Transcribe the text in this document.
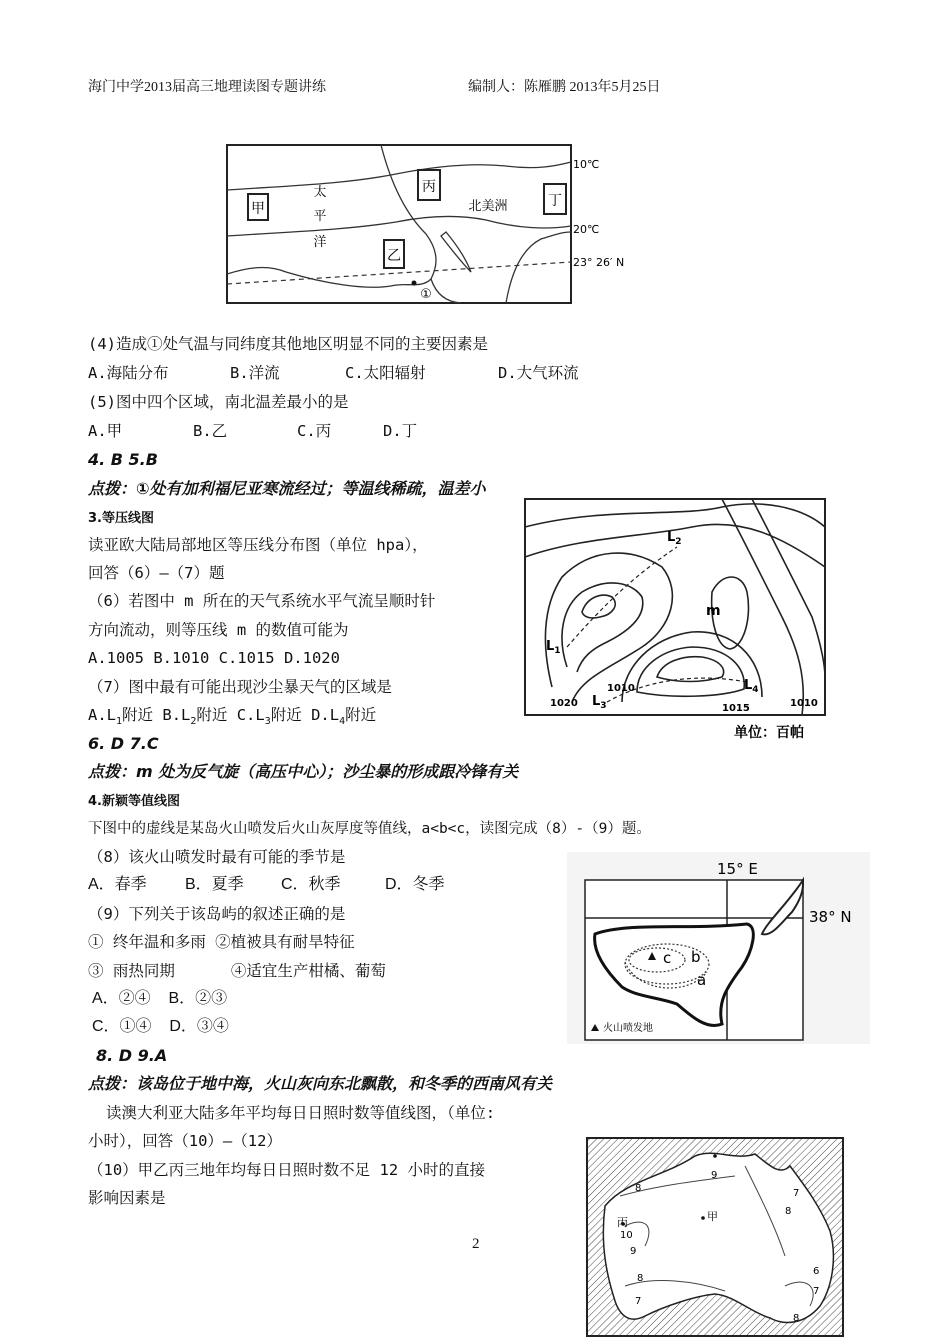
海门中学2013届高三地理读图专题讲练	编制人：陈雁鹏 2013年5月25日
甲
乙
丙
丁
太
平
洋
北美洲
10℃
20℃
23° 26′ N
①
(4)造成①处气温与同纬度其他地区明显不同的主要因素是
A.海陆分布	B.洋流	C.太阳辐射	D.大气环流
(5)图中四个区域，南北温差最小的是
A.甲	B.乙	C.丙	D.丁
4. B 5.B
点拨：①处有加利福尼亚寒流经过；等温线稀疏，温差小
3.等压线图
读亚欧大陆局部地区等压线分布图（单位 hpa），
回答（6）—（7）题
（6）若图中 m 所在的天气系统水平气流呈顺时针
方向流动，则等压线 m 的数值可能为
A.1005 B.1010 C.1015 D.1020
（7）图中最有可能出现沙尘暴天气的区域是
$A.L_1$附近 $B.L_2$附近 $C.L_3$附近 $D.L_4$附近
6. D 7.C
点拨：m 处为反气旋（高压中心）；沙尘暴的形成跟冷锋有关
$L_2$
$L_1$
$L_3$
$L_4$
m
1010
1020	1015	1010
单位：百帕
4.新颖等值线图
下图中的虚线是某岛火山喷发后火山灰厚度等值线，a<b<c，读图完成（8）-（9）题。
（8）该火山喷发时最有可能的季节是
A．春季 B．夏季 C．秋季	D．冬季
（9）下列关于该岛屿的叙述正确的是
① 终年温和多雨 ②植被具有耐旱特征
③ 雨热同期      ④适宜生产柑橘、葡萄
A．②④    B．②③
C．①④    D．③④
8. D 9.A
点拨：该岛位于地中海，火山灰向东北飘散，和冬季的西南风有关
c b
a
15° E
38° N
火山喷发地
读澳大利亚大陆多年平均每日日照时数等值线图，（单位:
小时），回答（10）—（12）
（10）甲乙丙三地年均每日日照时数不足 12 小时的直接
影响因素是
9
8	7
10
8
9
8
7
6
7
8
甲
丙
2
